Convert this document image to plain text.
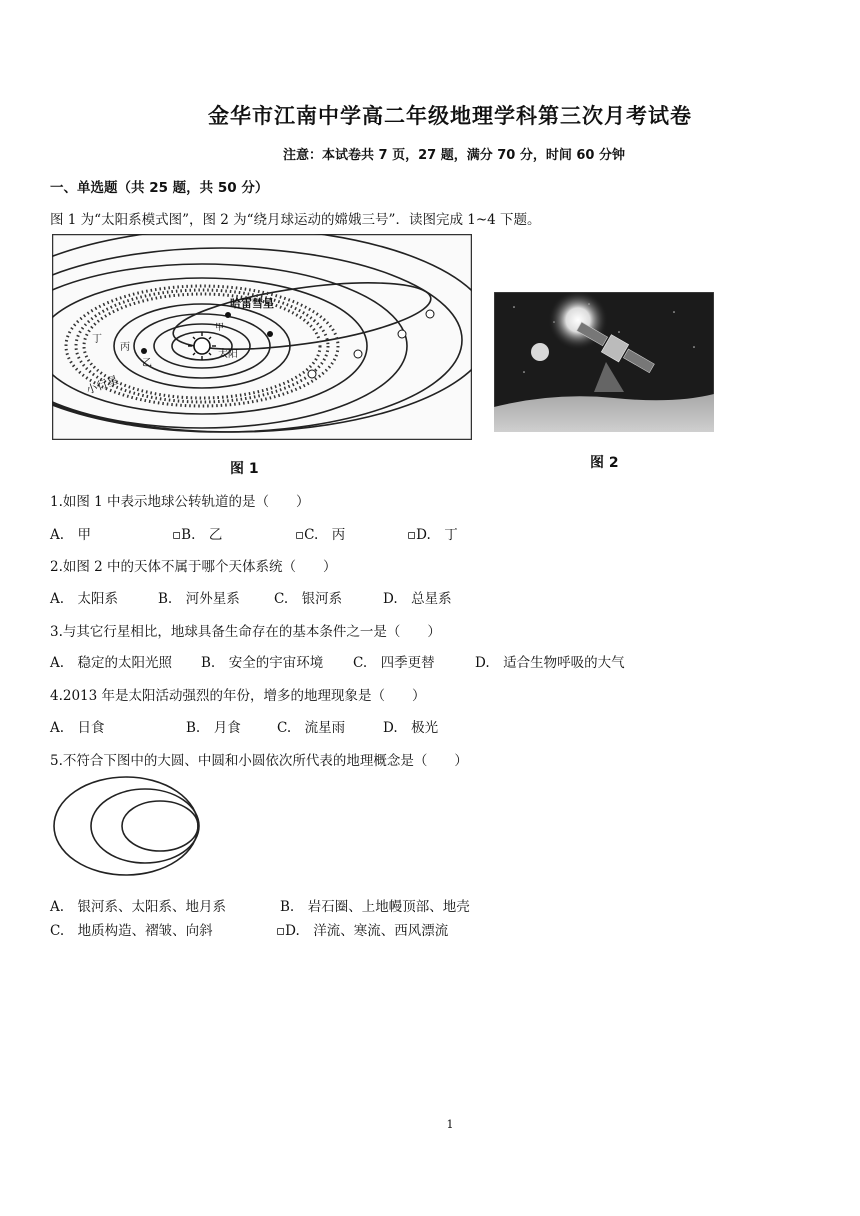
金华市江南中学高二年级地理学科第三次月考试卷
注意：本试卷共 7 页，27 题，满分 70 分，时间 60 分钟
一、单选题（共 25 题，共 50 分）
图 1 为“太阳系模式图”，图 2 为“绕月球运动的嫦娥三号”．读图完成 1~4 下题。
哈雷彗星
太阳
小行星
甲
乙
丙
丁
图 1	图 2
1.如图 1 中表示地球公转轨道的是（　　）
A.　甲	▫B.　乙	▫C.　丙	▫D.　丁
2.如图 2 中的天体不属于哪个天体系统（　　）
A.　太阳系	B.　河外星系	C.　银河系	D.　总星系
3.与其它行星相比，地球具备生命存在的基本条件之一是（　　）
A.　稳定的太阳光照 B.　安全的宇宙环境 C.　四季更替	D.　适合生物呼吸的大气
4.2013 年是太阳活动强烈的年份，增多的地理现象是（　　）
A.　日食	B.　月食	C.　流星雨	D.　极光
5.不符合下图中的大圆、中圆和小圆依次所代表的地理概念是（　　）
A.　银河系、太阳系、地月系	B.　岩石圈、上地幔顶部、地壳
C.　地质构造、褶皱、向斜	▫D.　洋流、寒流、西风漂流
1
